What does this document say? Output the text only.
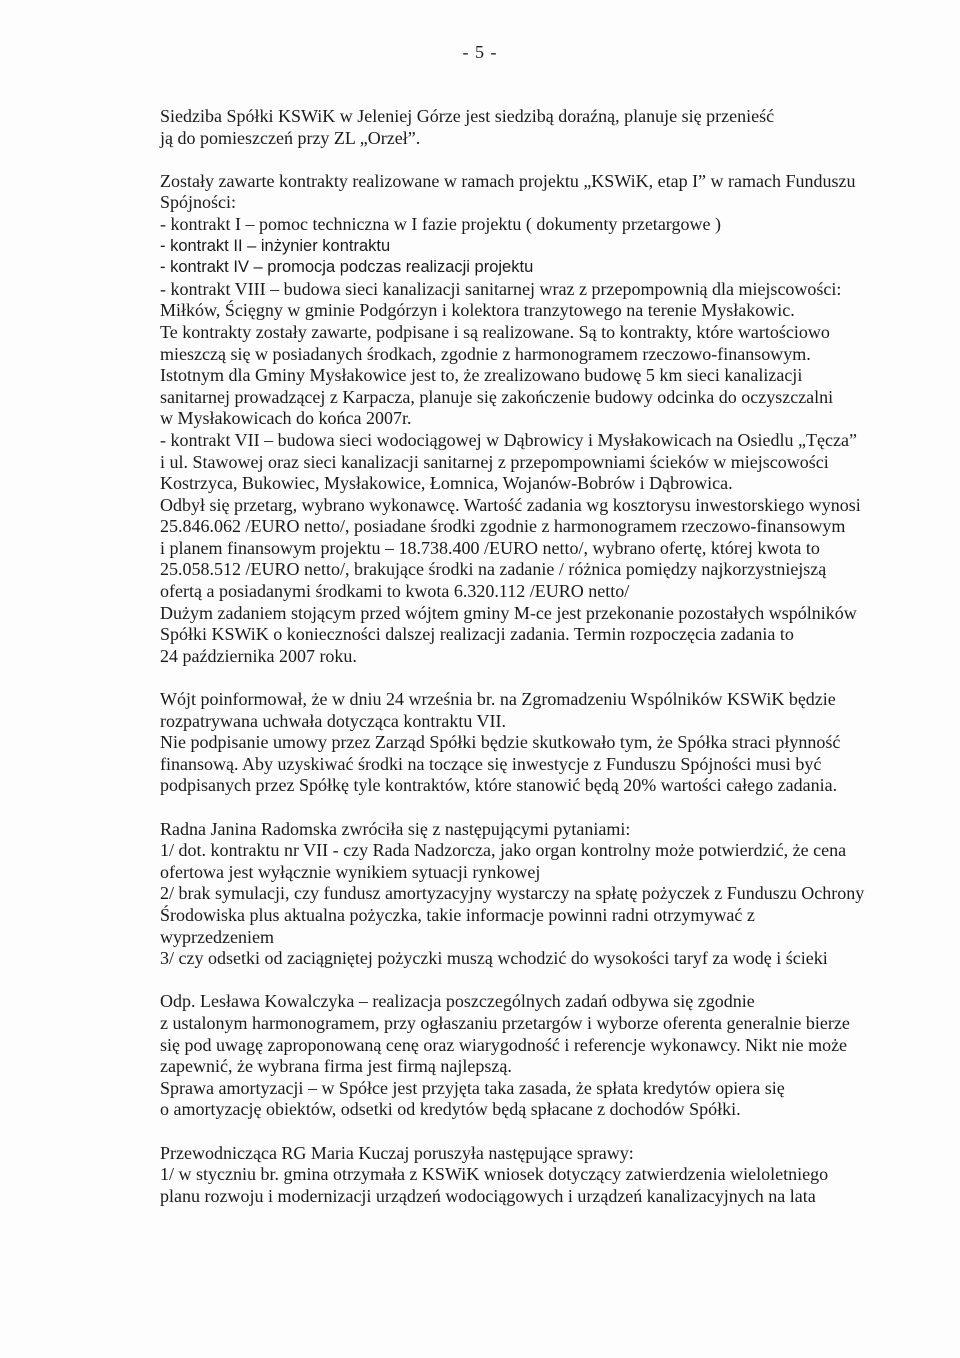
- 5 -
Siedziba Spółki KSWiK w Jeleniej Górze jest siedzibą doraźną, planuje się przenieść
ją do pomieszczeń przy ZL „Orzeł”.
Zostały zawarte kontrakty realizowane w ramach projektu „KSWiK, etap I” w ramach Funduszu
Spójności:
- kontrakt I – pomoc techniczna w I fazie projektu ( dokumenty przetargowe )
- kontrakt II – inżynier kontraktu
- kontrakt IV – promocja podczas realizacji projektu
- kontrakt VIII – budowa sieci kanalizacji sanitarnej wraz z przepompownią dla miejscowości:
Miłków, Ścięgny w gminie Podgórzyn i kolektora tranzytowego na terenie Mysłakowic.
Te kontrakty zostały zawarte, podpisane i są realizowane. Są to kontrakty, które wartościowo
mieszczą się w posiadanych środkach, zgodnie z harmonogramem rzeczowo-finansowym.
Istotnym dla Gminy Mysłakowice jest to, że zrealizowano budowę 5 km sieci kanalizacji
sanitarnej prowadzącej z Karpacza, planuje się zakończenie budowy odcinka do oczyszczalni
w Mysłakowicach do końca 2007r.
- kontrakt VII – budowa sieci wodociągowej w Dąbrowicy i Mysłakowicach na Osiedlu „Tęcza”
i ul. Stawowej oraz sieci kanalizacji sanitarnej z przepompowniami ścieków w miejscowości
Kostrzyca, Bukowiec, Mysłakowice, Łomnica, Wojanów-Bobrów i Dąbrowica.
Odbył się przetarg, wybrano wykonawcę. Wartość zadania wg kosztorysu inwestorskiego wynosi
25.846.062 /EURO netto/, posiadane środki zgodnie z harmonogramem rzeczowo-finansowym
i planem finansowym projektu – 18.738.400 /EURO netto/, wybrano ofertę, której kwota to
25.058.512 /EURO netto/, brakujące środki na zadanie / różnica pomiędzy najkorzystniejszą
ofertą a posiadanymi środkami to kwota 6.320.112 /EURO netto/
Dużym zadaniem stojącym przed wójtem gminy M-ce jest przekonanie pozostałych wspólników
Spółki KSWiK o konieczności dalszej realizacji zadania. Termin rozpoczęcia zadania to
24 października 2007 roku.
Wójt poinformował, że w dniu 24 września br. na Zgromadzeniu Wspólników KSWiK będzie
rozpatrywana uchwała dotycząca kontraktu VII.
Nie podpisanie umowy przez Zarząd Spółki będzie skutkowało tym, że Spółka straci płynność
finansową. Aby uzyskiwać środki na toczące się inwestycje z Funduszu Spójności musi być
podpisanych przez Spółkę tyle kontraktów, które stanowić będą 20% wartości całego zadania.
Radna Janina Radomska zwróciła się z następującymi pytaniami:
1/ dot. kontraktu nr VII - czy Rada Nadzorcza, jako organ kontrolny może potwierdzić, że cena
ofertowa jest wyłącznie wynikiem sytuacji rynkowej
2/ brak symulacji, czy fundusz amortyzacyjny wystarczy na spłatę pożyczek z Funduszu Ochrony
Środowiska plus aktualna pożyczka, takie informacje powinni radni otrzymywać z
wyprzedzeniem
3/ czy odsetki od zaciągniętej pożyczki muszą wchodzić do wysokości taryf za wodę i ścieki
Odp. Lesława Kowalczyka – realizacja poszczególnych zadań odbywa się zgodnie
z ustalonym harmonogramem, przy ogłaszaniu przetargów i wyborze oferenta generalnie bierze
się pod uwagę zaproponowaną cenę oraz wiarygodność i referencje wykonawcy. Nikt nie może
zapewnić, że wybrana firma jest firmą najlepszą.
Sprawa amortyzacji – w Spółce jest przyjęta taka zasada, że spłata kredytów opiera się
o amortyzację obiektów, odsetki od kredytów będą spłacane z dochodów Spółki.
Przewodnicząca RG Maria Kuczaj poruszyła następujące sprawy:
1/ w styczniu br. gmina otrzymała z KSWiK wniosek dotyczący zatwierdzenia wieloletniego
planu rozwoju i modernizacji urządzeń wodociągowych i urządzeń kanalizacyjnych na lata
